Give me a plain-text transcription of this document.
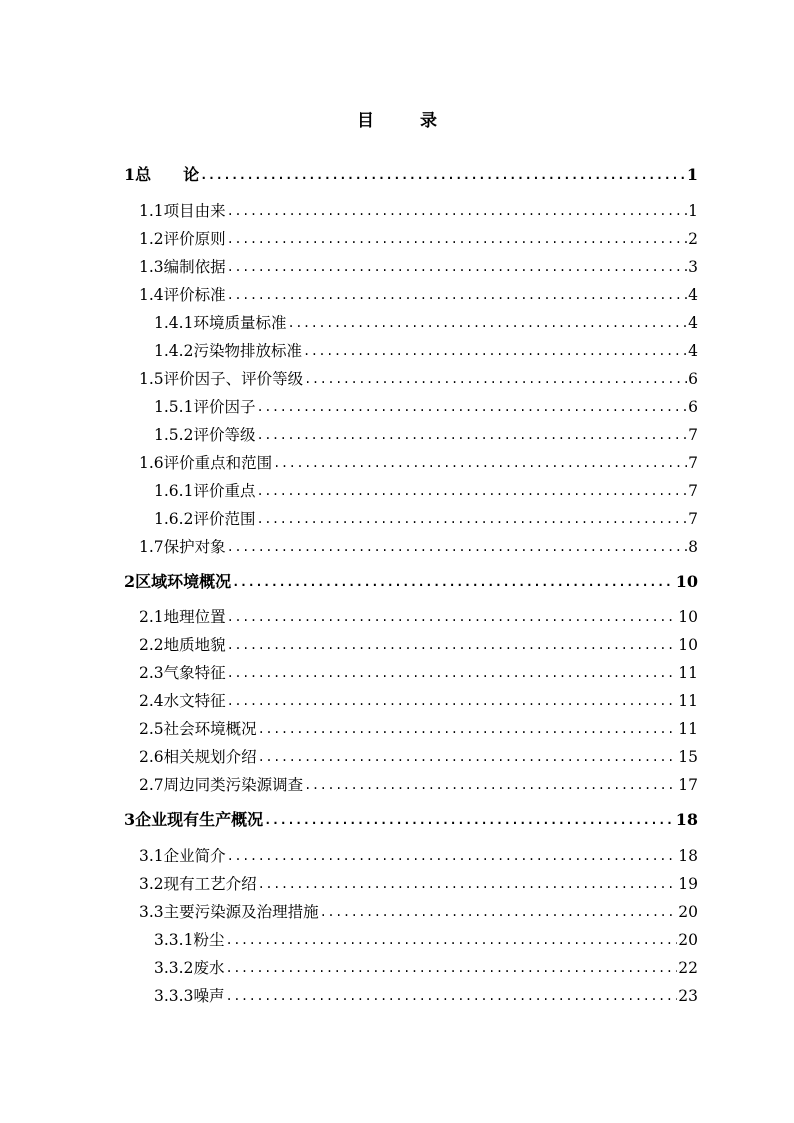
目 录
1 总　　论 .....	1
1.1 项目由来 .....	1
1.2 评价原则 .....	2
1.3 编制依据 .....	3
1.4 评价标准 .....	4
1.4.1 环境质量标准 .....	4
1.4.2 污染物排放标准 .....	4
1.5 评价因子、评价等级 .....	6
1.5.1 评价因子 .....	6
1.5.2 评价等级 .....	7
1.6 评价重点和范围 .....	7
1.6.1 评价重点 .....	7
1.6.2 评价范围 .....	7
1.7 保护对象 .....	8
2 区域环境概况 .....	10
2.1 地理位置 .....	10
2.2 地质地貌 .....	10
2.3 气象特征 .....	11
2.4 水文特征 .....	11
2.5 社会环境概况 .....	11
2.6 相关规划介绍 .....	15
2.7 周边同类污染源调查 .....	17
3 企业现有生产概况 .....	18
3.1 企业简介 .....	18
3.2 现有工艺介绍 .....	19
3.3 主要污染源及治理措施 .....	20
3.3.1 粉尘 .....	20
3.3.2 废水 .....	22
3.3.3 噪声 .....	23
